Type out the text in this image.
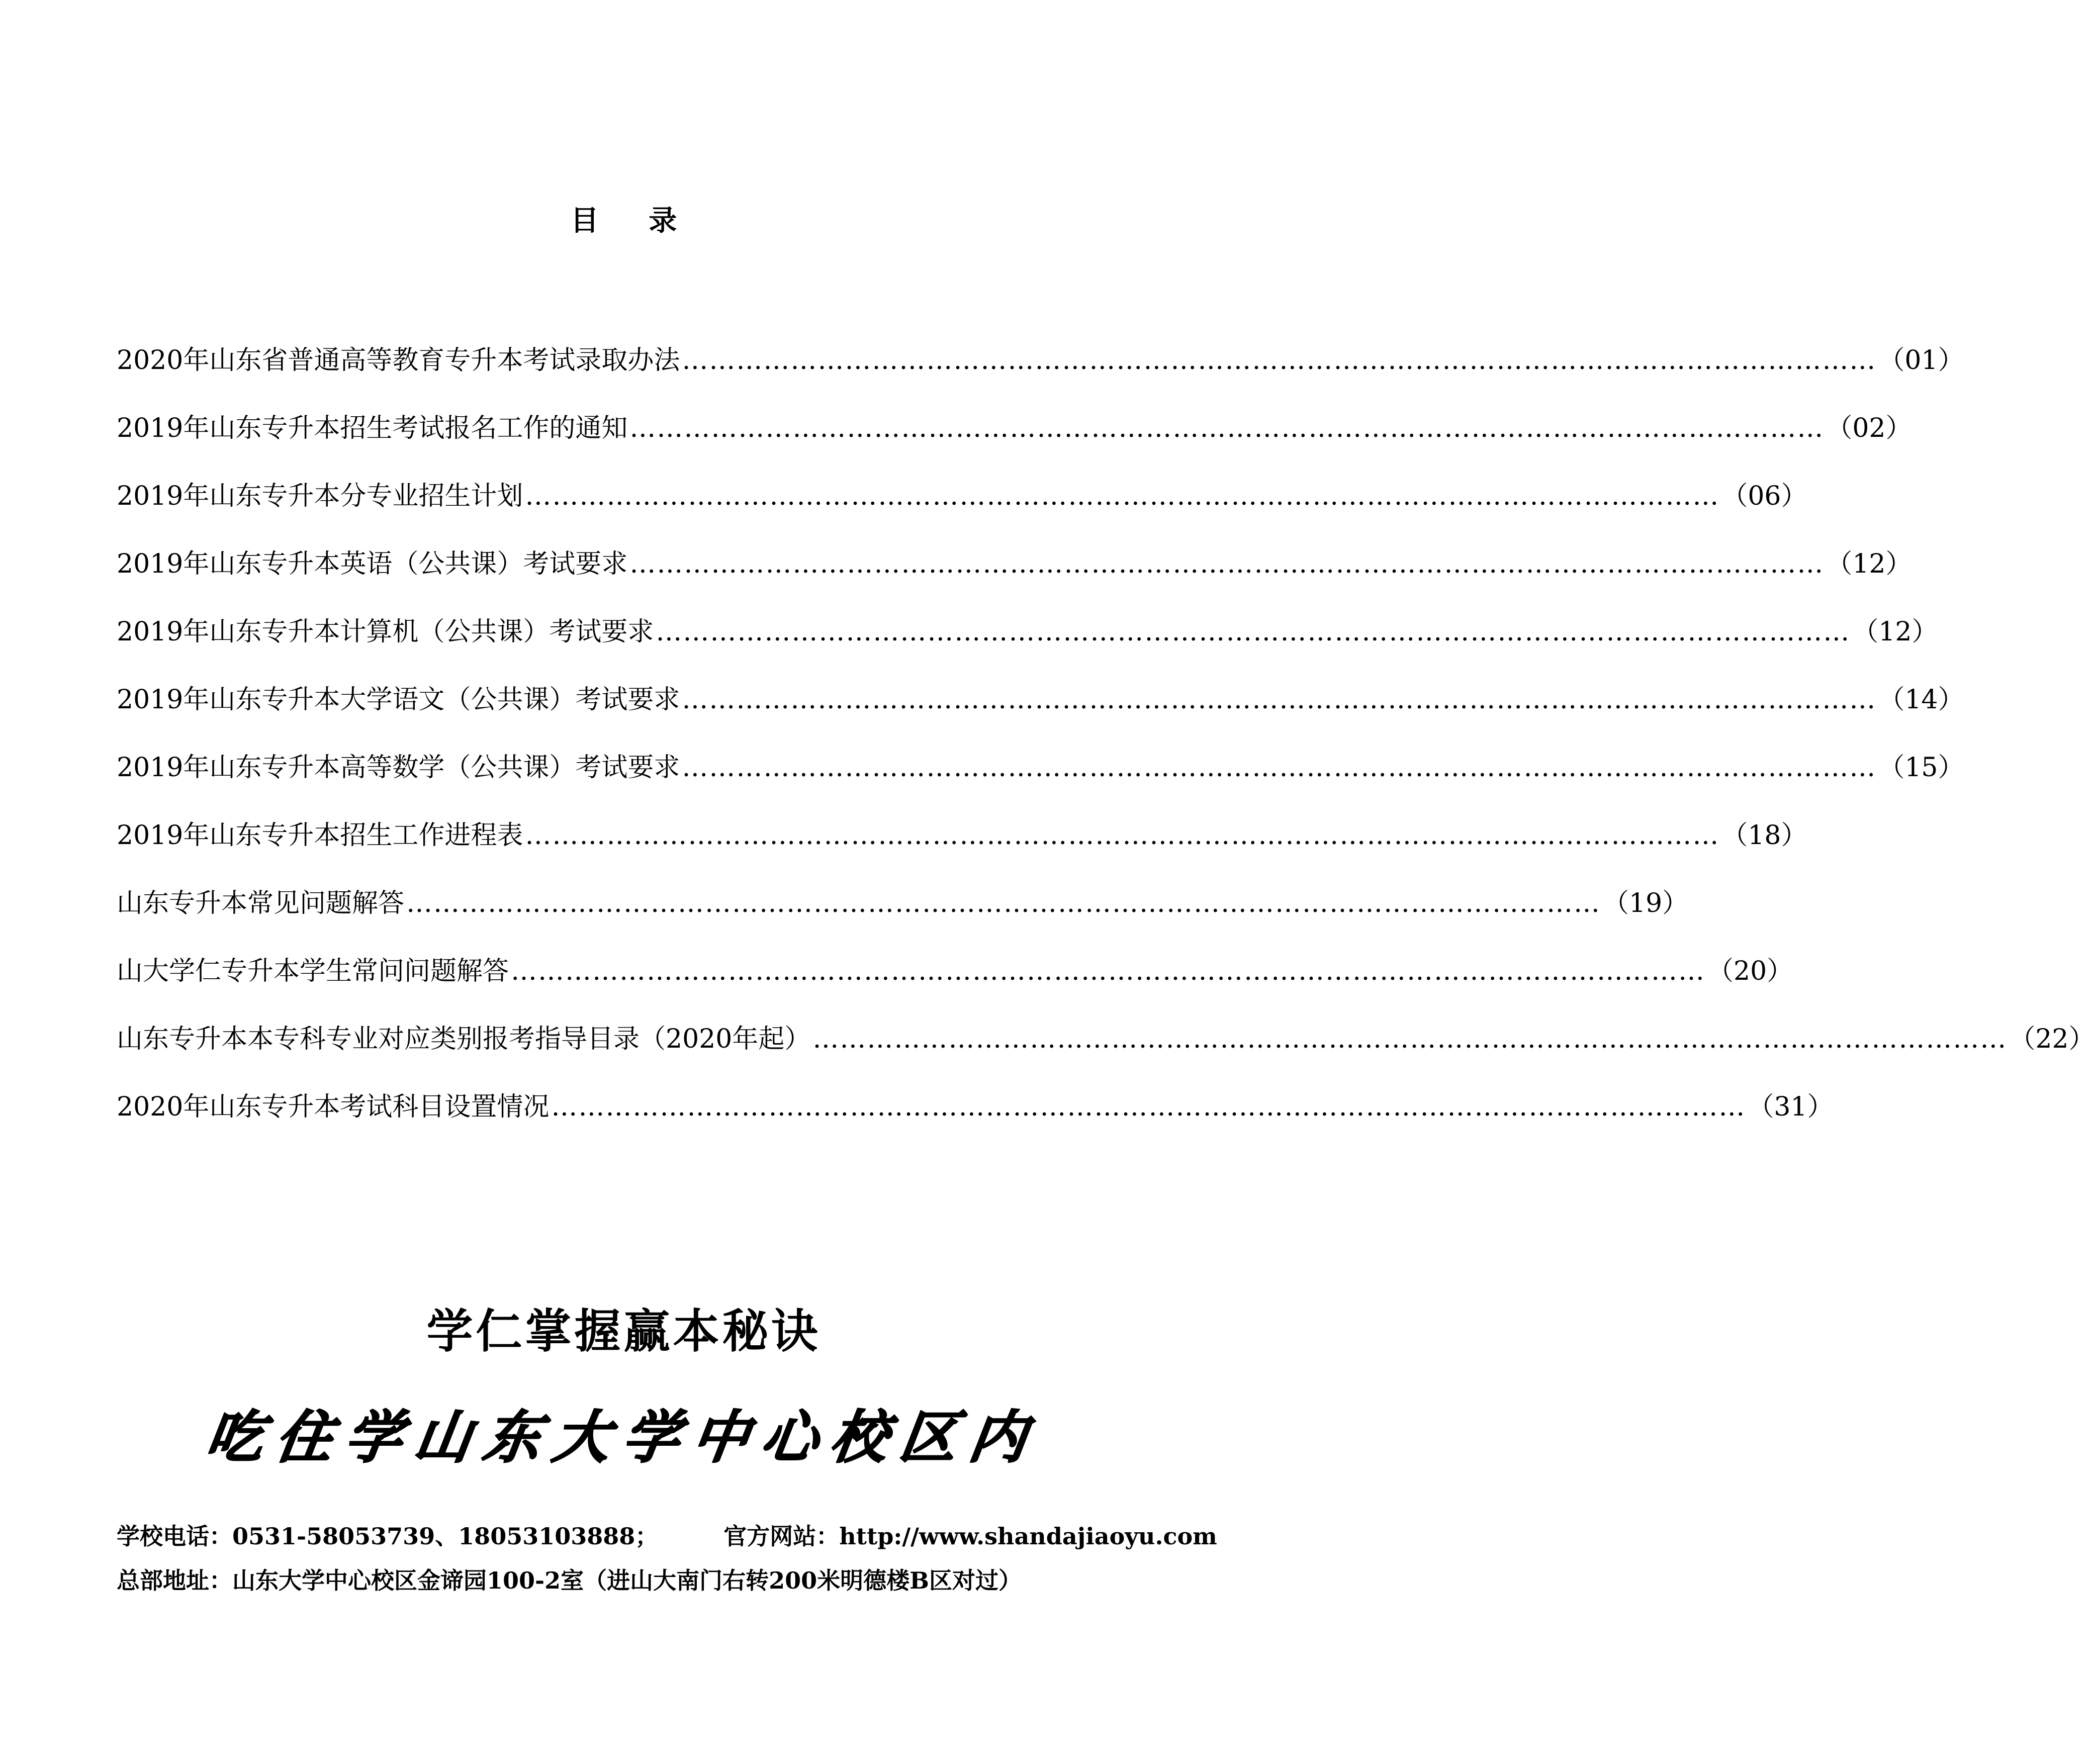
目 录
2020年山东省普通高等教育专升本考试录取办法 …………………………………………………………………………………………………………………… （01）
2019年山东专升本招生考试报名工作的通知 …………………………………………………………………………………………………………………… （02）
2019年山东专升本分专业招生计划 …………………………………………………………………………………………………………………… （06）
2019年山东专升本英语（公共课）考试要求 …………………………………………………………………………………………………………………… （12）
2019年山东专升本计算机（公共课）考试要求 …………………………………………………………………………………………………………………… （12）
2019年山东专升本大学语文（公共课）考试要求 …………………………………………………………………………………………………………………… （14）
2019年山东专升本高等数学（公共课）考试要求 …………………………………………………………………………………………………………………… （15）
2019年山东专升本招生工作进程表 …………………………………………………………………………………………………………………… （18）
山东专升本常见问题解答 …………………………………………………………………………………………………………………… （19）
山大学仁专升本学生常问问题解答 …………………………………………………………………………………………………………………… （20）
山东专升本本专科专业对应类别报考指导目录（2020年起） …………………………………………………………………………………………………………………… （22）
2020年山东专升本考试科目设置情况 …………………………………………………………………………………………………………………… （31）
学仁掌握赢本秘诀
吃住学山东大学中心校区内
学校电话：0531-58053739、18053103888；	官方网站：http://www.shandajiaoyu.com
总部地址：山东大学中心校区金谛园100-2室（进山大南门右转200米明德楼B区对过）
